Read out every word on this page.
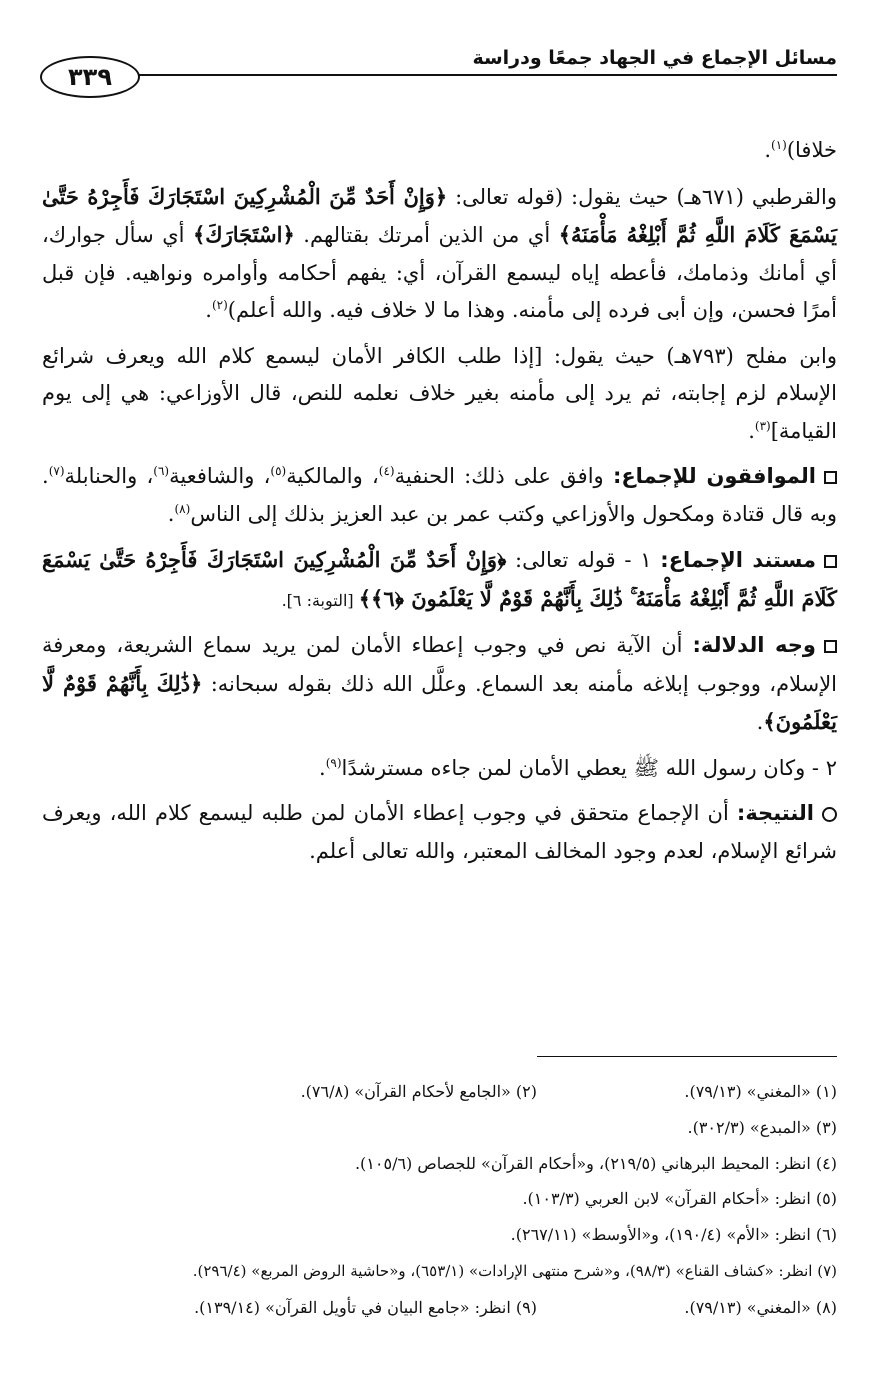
مسائل الإجماع في الجهاد جمعًا ودراسة
٣٣٩

خلافا)$^{(١)}$.

والقرطبي (٦٧١هـ) حيث يقول: (قوله تعالى: ﴿وَإِنْ أَحَدٌ مِّنَ الْمُشْرِكِينَ اسْتَجَارَكَ فَأَجِرْهُ حَتَّىٰ يَسْمَعَ كَلَامَ اللَّهِ ثُمَّ أَبْلِغْهُ مَأْمَنَهُ﴾ أي من الذين أمرتك بقتالهم. ﴿اسْتَجَارَكَ﴾ أي سأل جوارك، أي أمانك وذمامك، فأعطه إياه ليسمع القرآن، أي: يفهم أحكامه وأوامره ونواهيه. فإن قبل أمرًا فحسن، وإن أبى فرده إلى مأمنه. وهذا ما لا خلاف فيه. والله أعلم)$^{(٢)}$.

وابن مفلح (٧٩٣هـ) حيث يقول: [إذا طلب الكافر الأمان ليسمع كلام الله ويعرف شرائع الإسلام لزم إجابته، ثم يرد إلى مأمنه بغير خلاف نعلمه للنص، قال الأوزاعي: هي إلى يوم القيامة]$^{(٣)}$.

الموافقون للإجماع: وافق على ذلك: الحنفية$^{(٤)}$، والمالكية$^{(٥)}$، والشافعية$^{(٦)}$، والحنابلة$^{(٧)}$. وبه قال قتادة ومكحول والأوزاعي وكتب عمر بن عبد العزيز بذلك إلى الناس$^{(٨)}$.

مستند الإجماع: ١ - قوله تعالى: ﴿وَإِنْ أَحَدٌ مِّنَ الْمُشْرِكِينَ اسْتَجَارَكَ فَأَجِرْهُ حَتَّىٰ يَسْمَعَ كَلَامَ اللَّهِ ثُمَّ أَبْلِغْهُ مَأْمَنَهُ ۚ ذَٰلِكَ بِأَنَّهُمْ قَوْمٌ لَّا يَعْلَمُونَ ﴿٦﴾﴾ [التوبة: ٦].

وجه الدلالة: أن الآية نص في وجوب إعطاء الأمان لمن يريد سماع الشريعة، ومعرفة الإسلام، ووجوب إبلاغه مأمنه بعد السماع. وعلَّل الله ذلك بقوله سبحانه: ﴿ذَٰلِكَ بِأَنَّهُمْ قَوْمٌ لَّا يَعْلَمُونَ﴾.

٢ - وكان رسول الله ﷺ يعطي الأمان لمن جاءه مسترشدًا$^{(٩)}$.

النتيجة: أن الإجماع متحقق في وجوب إعطاء الأمان لمن طلبه ليسمع كلام الله، ويعرف شرائع الإسلام، لعدم وجود المخالف المعتبر، والله تعالى أعلم.

(١) «المغني» (٧٩/١٣).(٢) «الجامع لأحكام القرآن» (٧٦/٨).
(٣) «المبدع» (٣٠٢/٣).
(٤) انظر: المحيط البرهاني (٢١٩/٥)، و«أحكام القرآن» للجصاص (١٠٥/٦).
(٥) انظر: «أحكام القرآن» لابن العربي (١٠٣/٣).
(٦) انظر: «الأم» (١٩٠/٤)، و«الأوسط» (٢٦٧/١١).
(٧) انظر: «كشاف القناع» (٩٨/٣)، و«شرح منتهى الإرادات» (٦٥٣/١)، و«حاشية الروض المربع» (٢٩٦/٤).
(٨) «المغني» (٧٩/١٣).(٩) انظر: «جامع البيان في تأويل القرآن» (١٣٩/١٤).
